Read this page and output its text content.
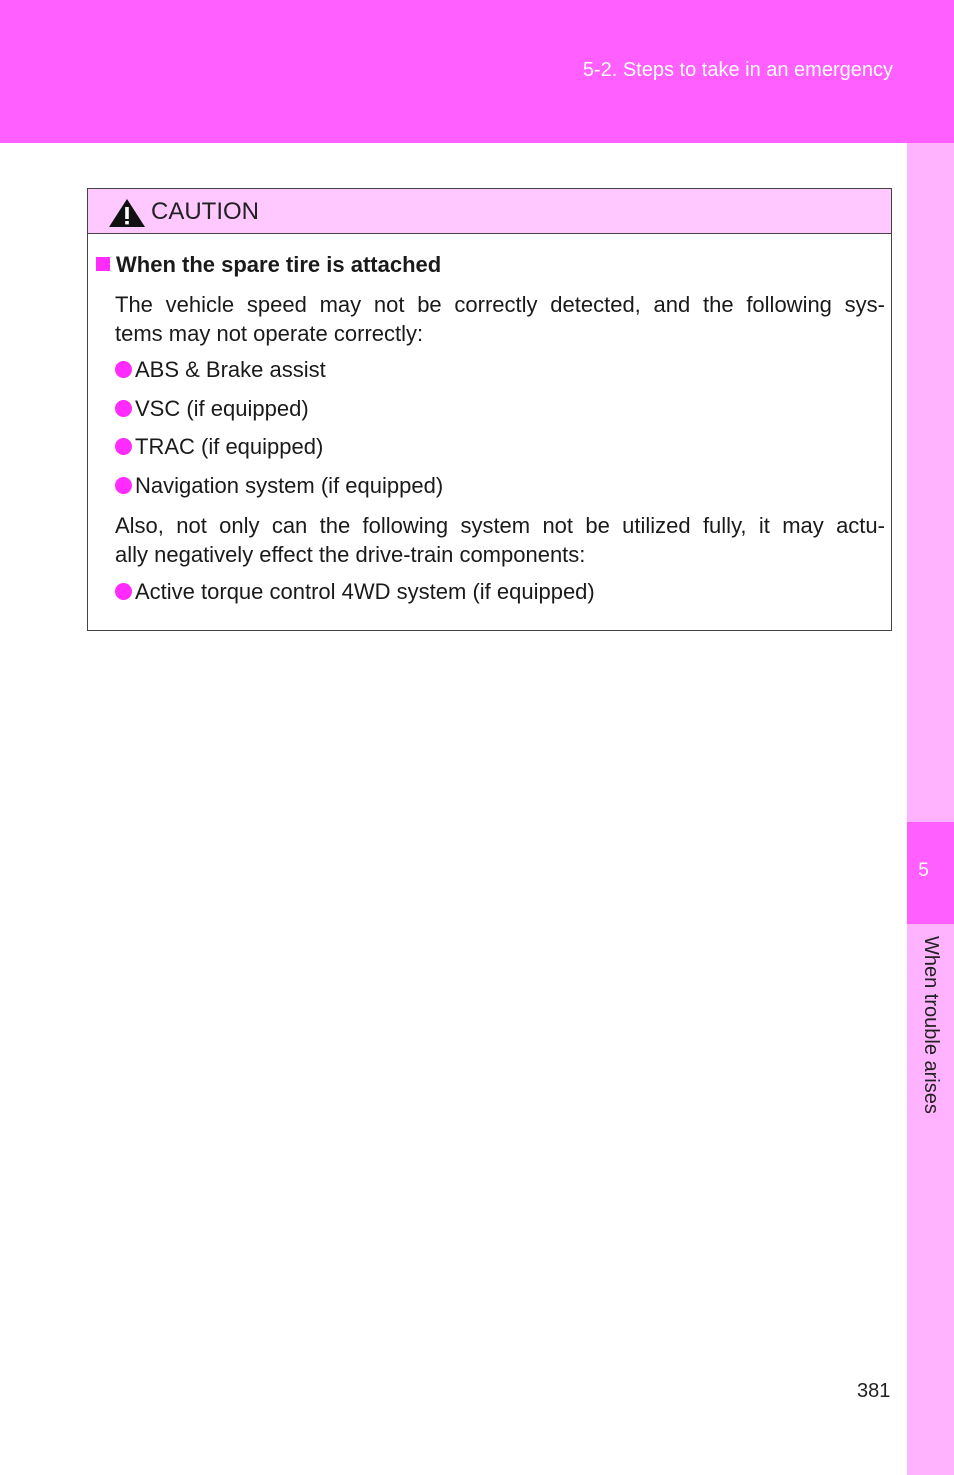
5-2. Steps to take in an emergency
5
When trouble arises
CAUTION
When the spare tire is attached
The vehicle speed may not be correctly detected, and the following sys-
tems may not operate correctly:
ABS & Brake assist
VSC (if equipped)
TRAC (if equipped)
Navigation system (if equipped)
Also, not only can the following system not be utilized fully, it may actu-
ally negatively effect the drive-train components:
Active torque control 4WD system (if equipped)
381
